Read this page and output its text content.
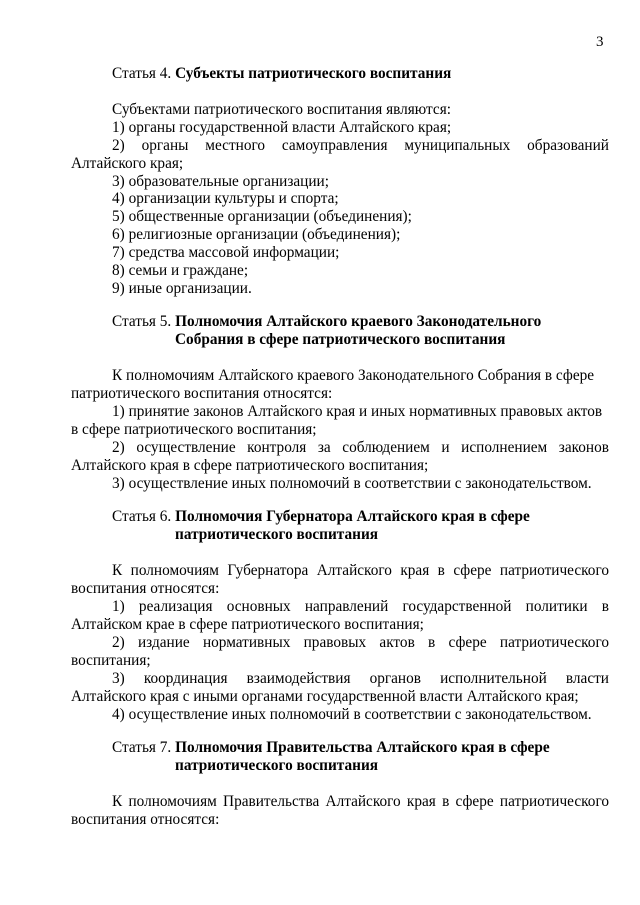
3
Статья 4. Субъекты патриотического воспитания
Субъектами патриотического воспитания являются:
1) органы государственной власти Алтайского края;
2) органы местного самоуправления муниципальных образований
Алтайского края;
3) образовательные организации;
4) организации культуры и спорта;
5) общественные организации (объединения);
6) религиозные организации (объединения);
7) средства массовой информации;
8) семьи и граждане;
9) иные организации.
Статья 5. Полномочия Алтайского краевого Законодательного
Собрания в сфере патриотического воспитания
К полномочиям Алтайского краевого Законодательного Собрания в сфере
патриотического воспитания относятся:
1) принятие законов Алтайского края и иных нормативных правовых актов
в сфере патриотического воспитания;
2) осуществление контроля за соблюдением и исполнением законов
Алтайского края в сфере патриотического воспитания;
3) осуществление иных полномочий в соответствии с законодательством.
Статья 6. Полномочия Губернатора Алтайского края в сфере
патриотического воспитания
К полномочиям Губернатора Алтайского края в сфере патриотического
воспитания относятся:
1) реализация основных направлений государственной политики в
Алтайском крае в сфере патриотического воспитания;
2) издание нормативных правовых актов в сфере патриотического
воспитания;
3) координация взаимодействия органов исполнительной власти
Алтайского края с иными органами государственной власти Алтайского края;
4) осуществление иных полномочий в соответствии с законодательством.
Статья 7. Полномочия Правительства Алтайского края в сфере
патриотического воспитания
К полномочиям Правительства Алтайского края в сфере патриотического
воспитания относятся:
